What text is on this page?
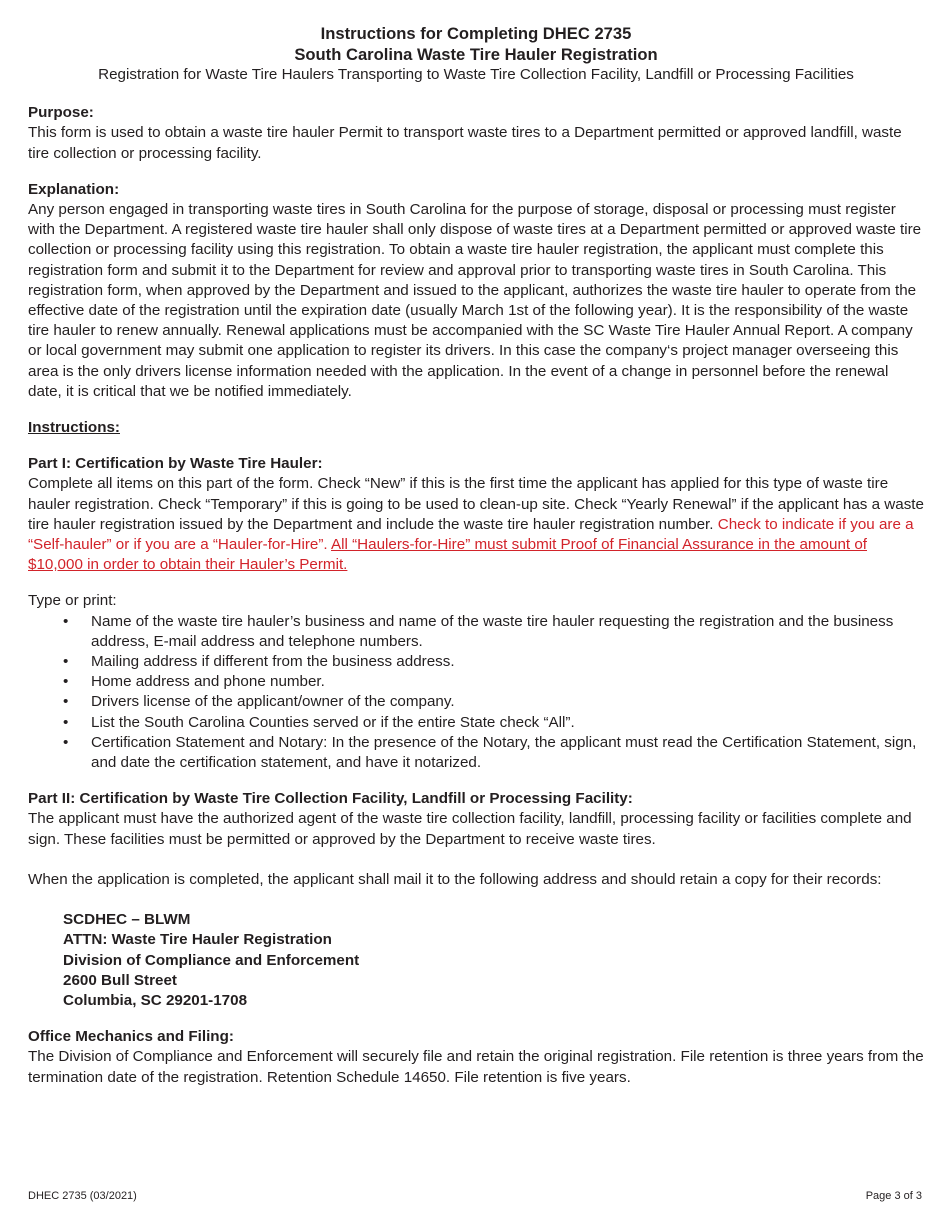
Instructions for Completing DHEC 2735
South Carolina Waste Tire Hauler Registration
Registration for Waste Tire Haulers Transporting to Waste Tire Collection Facility, Landfill or Processing Facilities
Purpose:

This form is used to obtain a waste tire hauler Permit to transport waste tires to a Department permitted or approved landfill, waste tire collection or processing facility.

Explanation:

Any person engaged in transporting waste tires in South Carolina for the purpose of storage, disposal or processing must register with the Department. A registered waste tire hauler shall only dispose of waste tires at a Department permitted or approved waste tire collection or processing facility using this registration. To obtain a waste tire hauler registration, the applicant must complete this registration form and submit it to the Department for review and approval prior to transporting waste tires in South Carolina. This registration form, when approved by the Department and issued to the applicant, authorizes the waste tire hauler to operate from the effective date of the registration until the expiration date (usually March 1st of the following year). It is the responsibility of the waste tire hauler to renew annually. Renewal applications must be accompanied with the SC Waste Tire Hauler Annual Report. A company or local government may submit one application to register its drivers. In this case the company‘s project manager overseeing this area is the only drivers license information needed with the application. In the event of a change in personnel before the renewal date, it is critical that we be notified immediately.

Instructions:
Part I: Certification by Waste Tire Hauler:

Complete all items on this part of the form. Check “New” if this is the first time the applicant has applied for this type of waste tire hauler registration. Check “Temporary” if this is going to be used to clean-up site. Check “Yearly Renewal” if the applicant has a waste tire hauler registration issued by the Department and include the waste tire hauler registration number. Check to indicate if you are a “Self-hauler” or if you are a “Hauler-for-Hire”. All “Haulers-for-Hire” must submit Proof of Financial Assurance in the amount of $10,000 in order to obtain their Hauler’s Permit.

Type or print:

• Name of the waste tire hauler’s business and name of the waste tire hauler requesting the registration and the business address, E-mail address and telephone numbers.
• Mailing address if different from the business address.
• Home address and phone number.
• Drivers license of the applicant/owner of the company.
• List the South Carolina Counties served or if the entire State check “All”.
• Certification Statement and Notary: In the presence of the Notary, the applicant must read the Certification Statement, sign, and date the certification statement, and have it notarized.
Part II: Certification by Waste Tire Collection Facility, Landfill or Processing Facility:

The applicant must have the authorized agent of the waste tire collection facility, landfill, processing facility or facilities complete and sign. These facilities must be permitted or approved by the Department to receive waste tires.

When the application is completed, the applicant shall mail it to the following address and should retain a copy for their records:

SCDHEC – BLWM
ATTN: Waste Tire Hauler Registration
Division of Compliance and Enforcement
2600 Bull Street
Columbia, SC 29201-1708
Office Mechanics and Filing:

The Division of Compliance and Enforcement will securely file and retain the original registration. File retention is three years from the termination date of the registration. Retention Schedule 14650. File retention is five years.

DHEC 2735 (03/2021)	Page 3 of 3
